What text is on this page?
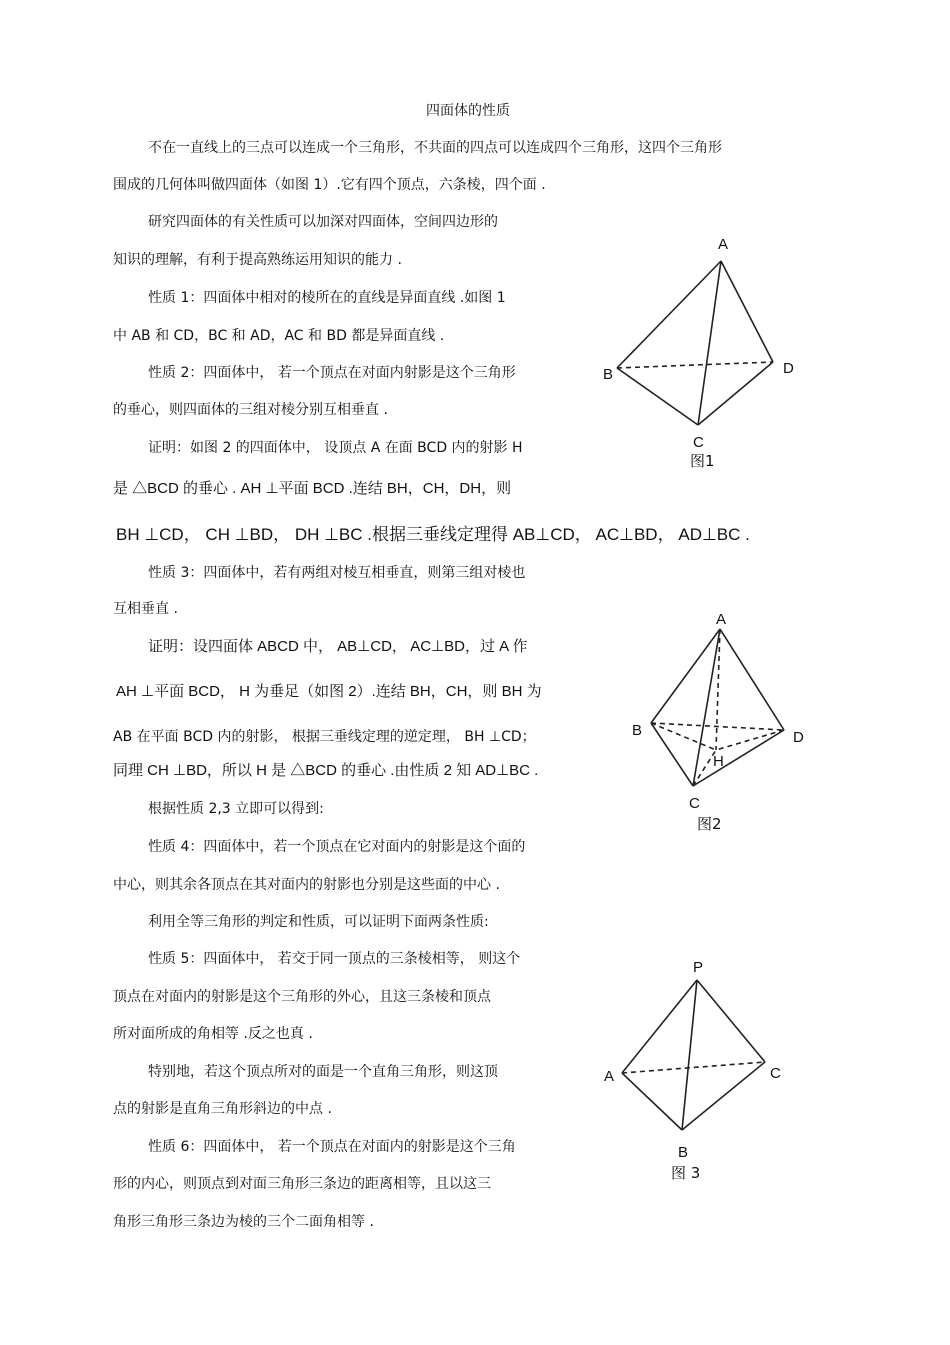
四面体的性质
不在一直线上的三点可以连成一个三角形，不共面的四点可以连成四个三角形，这四个三角形
围成的几何体叫做四面体（如图 1）.它有四个顶点，六条棱，四个面 .
研究四面体的有关性质可以加深对四面体，空间四边形的
知识的理解，有利于提高熟练运用知识的能力 .
性质 1：四面体中相对的棱所在的直线是异面直线 .如图 1
中 AB 和 CD，BC 和 AD，AC 和 BD 都是异面直线 .
性质 2：四面体中， 若一个顶点在对面内射影是这个三角形
的垂心，则四面体的三组对棱分别互相垂直 .
证明：如图 2 的四面体中， 设顶点 A 在面 BCD 内的射影 H
是 △BCD 的垂心 . AH ⊥平面 BCD .连结 BH，CH，DH，则
BH ⊥CD， CH ⊥BD， DH ⊥BC .根据三垂线定理得 AB⊥CD， AC⊥BD， AD⊥BC .
性质 3：四面体中，若有两组对棱互相垂直，则第三组对棱也
互相垂直 .
证明：设四面体 ABCD 中， AB⊥CD， AC⊥BD，过 A 作
AH ⊥平面 BCD， H 为垂足（如图 2）.连结 BH，CH，则 BH 为
AB 在平面 BCD 内的射影， 根据三垂线定理的逆定理， BH ⊥CD；
同理 CH ⊥BD，所以 H 是 △BCD 的垂心 .由性质 2 知 AD⊥BC .
根据性质 2,3 立即可以得到:
性质 4：四面体中，若一个顶点在它对面内的射影是这个面的
中心，则其余各顶点在其对面内的射影也分别是这些面的中心 .
利用全等三角形的判定和性质，可以证明下面两条性质:
性质 5：四面体中， 若交于同一顶点的三条棱相等， 则这个
顶点在对面内的射影是这个三角形的外心，且这三条棱和顶点
所对面所成的角相等 .反之也真 .
特别地，若这个顶点所对的面是一个直角三角形，则这顶
点的射影是直角三角形斜边的中点 .
性质 6：四面体中， 若一个顶点在对面内的射影是这个三角
形的内心，则顶点到对面三角形三条边的距离相等，且以这三
角形三角形三条边为棱的三个二面角相等 .
A
B
C
D
图1
A
B
C
D
H
图2
P
A
B
C
图 3
